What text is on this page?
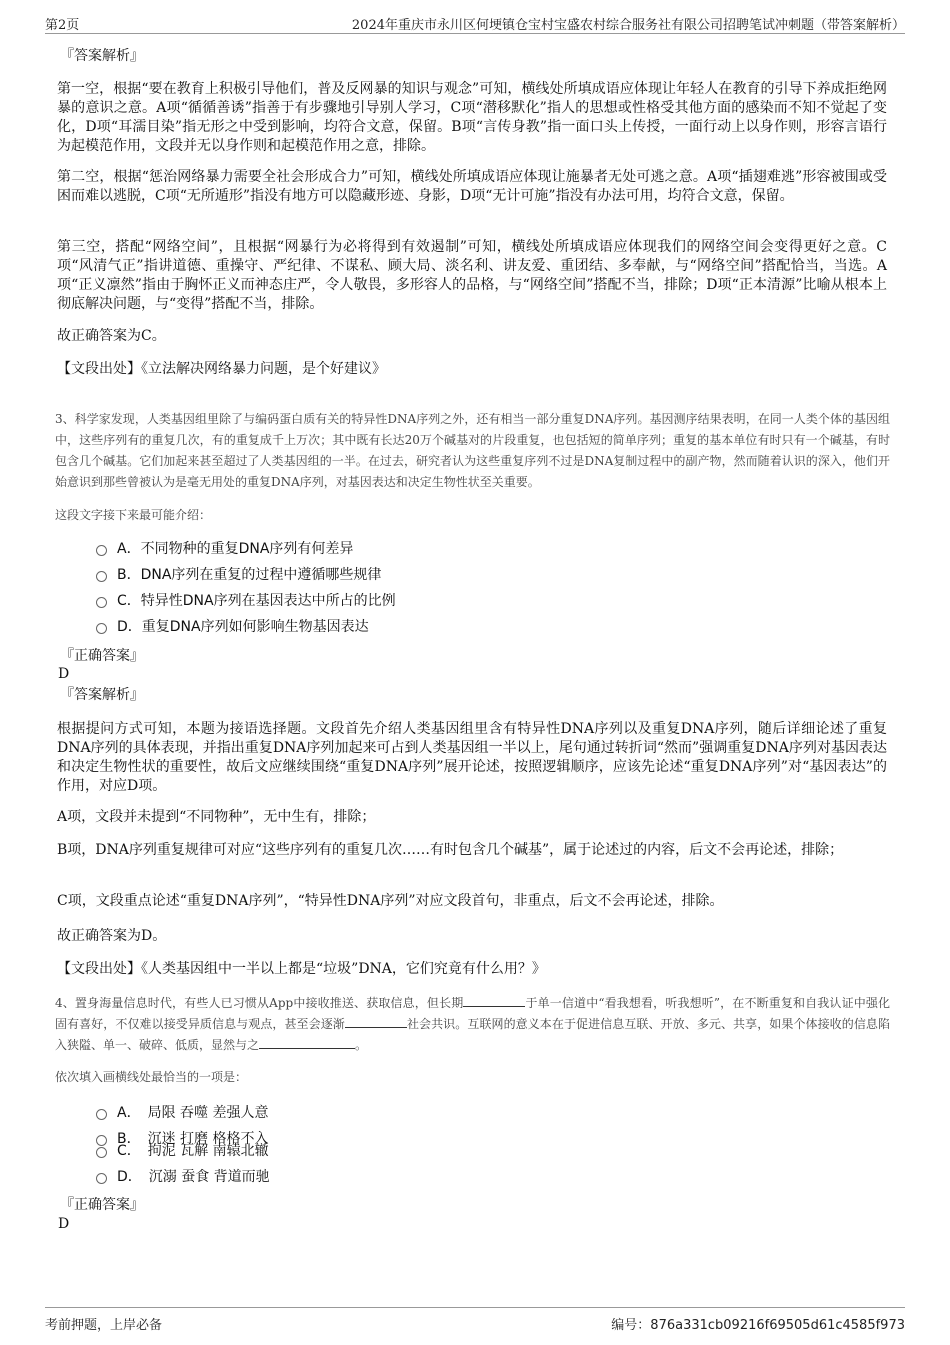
第2页	2024年重庆市永川区何埂镇仓宝村宝盛农村综合服务社有限公司招聘笔试冲刺题（带答案解析）
『答案解析』

第一空，根据“要在教育上积极引导他们，普及反网暴的知识与观念”可知，横线处所填成语应体现让年轻人在教育的引导下养成拒绝网暴的意识之意。A项“循循善诱”指善于有步骤地引导别人学习，C项“潜移默化”指人的思想或性格受其他方面的感染而不知不觉起了变化，D项“耳濡目染”指无形之中受到影响，均符合文意，保留。B项“言传身教”指一面口头上传授，一面行动上以身作则，形容言语行为起模范作用，文段并无以身作则和起模范作用之意，排除。

第二空，根据“惩治网络暴力需要全社会形成合力”可知，横线处所填成语应体现让施暴者无处可逃之意。A项“插翅难逃”形容被围或受困而难以逃脱，C项“无所遁形”指没有地方可以隐藏形迹、身影，D项“无计可施”指没有办法可用，均符合文意，保留。

第三空，搭配“网络空间”，且根据“网暴行为必将得到有效遏制”可知，横线处所填成语应体现我们的网络空间会变得更好之意。C项“风清气正”指讲道德、重操守、严纪律、不谋私、顾大局、淡名利、讲友爱、重团结、多奉献，与“网络空间”搭配恰当，当选。A项“正义凛然”指由于胸怀正义而神态庄严，令人敬畏，多形容人的品格，与“网络空间”搭配不当，排除；D项“正本清源”比喻从根本上彻底解决问题，与“变得”搭配不当，排除。

故正确答案为C。

【文段出处】《立法解决网络暴力问题，是个好建议》

3、科学家发现，人类基因组里除了与编码蛋白质有关的特异性DNA序列之外，还有相当一部分重复DNA序列。基因测序结果表明，在同一人类个体的基因组中，这些序列有的重复几次，有的重复成千上万次；其中既有长达20万个碱基对的片段重复，也包括短的简单序列；重复的基本单位有时只有一个碱基，有时包含几个碱基。它们加起来甚至超过了人类基因组的一半。在过去，研究者认为这些重复序列不过是DNA复制过程中的副产物，然而随着认识的深入，他们开始意识到那些曾被认为是毫无用处的重复DNA序列，对基因表达和决定生物性状至关重要。
这段文字接下来最可能介绍：
A．不同物种的重复DNA序列有何差异
B．DNA序列在重复的过程中遵循哪些规律
C．特异性DNA序列在基因表达中所占的比例
D．重复DNA序列如何影响生物基因表达
『正确答案』
D
『答案解析』

根据提问方式可知，本题为接语选择题。文段首先介绍人类基因组里含有特异性DNA序列以及重复DNA序列，随后详细论述了重复DNA序列的具体表现，并指出重复DNA序列加起来可占到人类基因组一半以上，尾句通过转折词“然而”强调重复DNA序列对基因表达和决定生物性状的重要性，故后文应继续围绕“重复DNA序列”展开论述，按照逻辑顺序，应该先论述“重复DNA序列”对“基因表达”的作用，对应D项。

A项，文段并未提到“不同物种”，无中生有，排除；

B项，DNA序列重复规律可对应“这些序列有的重复几次……有时包含几个碱基”，属于论述过的内容，后文不会再论述，排除；

C项，文段重点论述“重复DNA序列”，“特异性DNA序列”对应文段首句，非重点，后文不会再论述，排除。

故正确答案为D。

【文段出处】《人类基因组中一半以上都是“垃圾”DNA，它们究竟有什么用？》

4、置身海量信息时代，有些人已习惯从App中接收推送、获取信息，但长期	于单一信道中“看我想看，听我想听”，在不断重复和自我认证中强化固有喜好，不仅难以接受异质信息与观点，甚至会逐渐	社会共识。互联网的意义本在于促进信息互联、开放、多元、共享，如果个体接收的信息陷入狭隘、单一、破碎、低质，显然与之	。
依次填入画横线处最恰当的一项是：
A．　局限 吞噬 差强人意
B．　沉迷 打磨 格格不入
C．　拘泥 瓦解 南辕北辙
D．　沉溺 蚕食 背道而驰
『正确答案』
D
考前押题，上岸必备	编号：876a331cb09216f69505d61c4585f973
